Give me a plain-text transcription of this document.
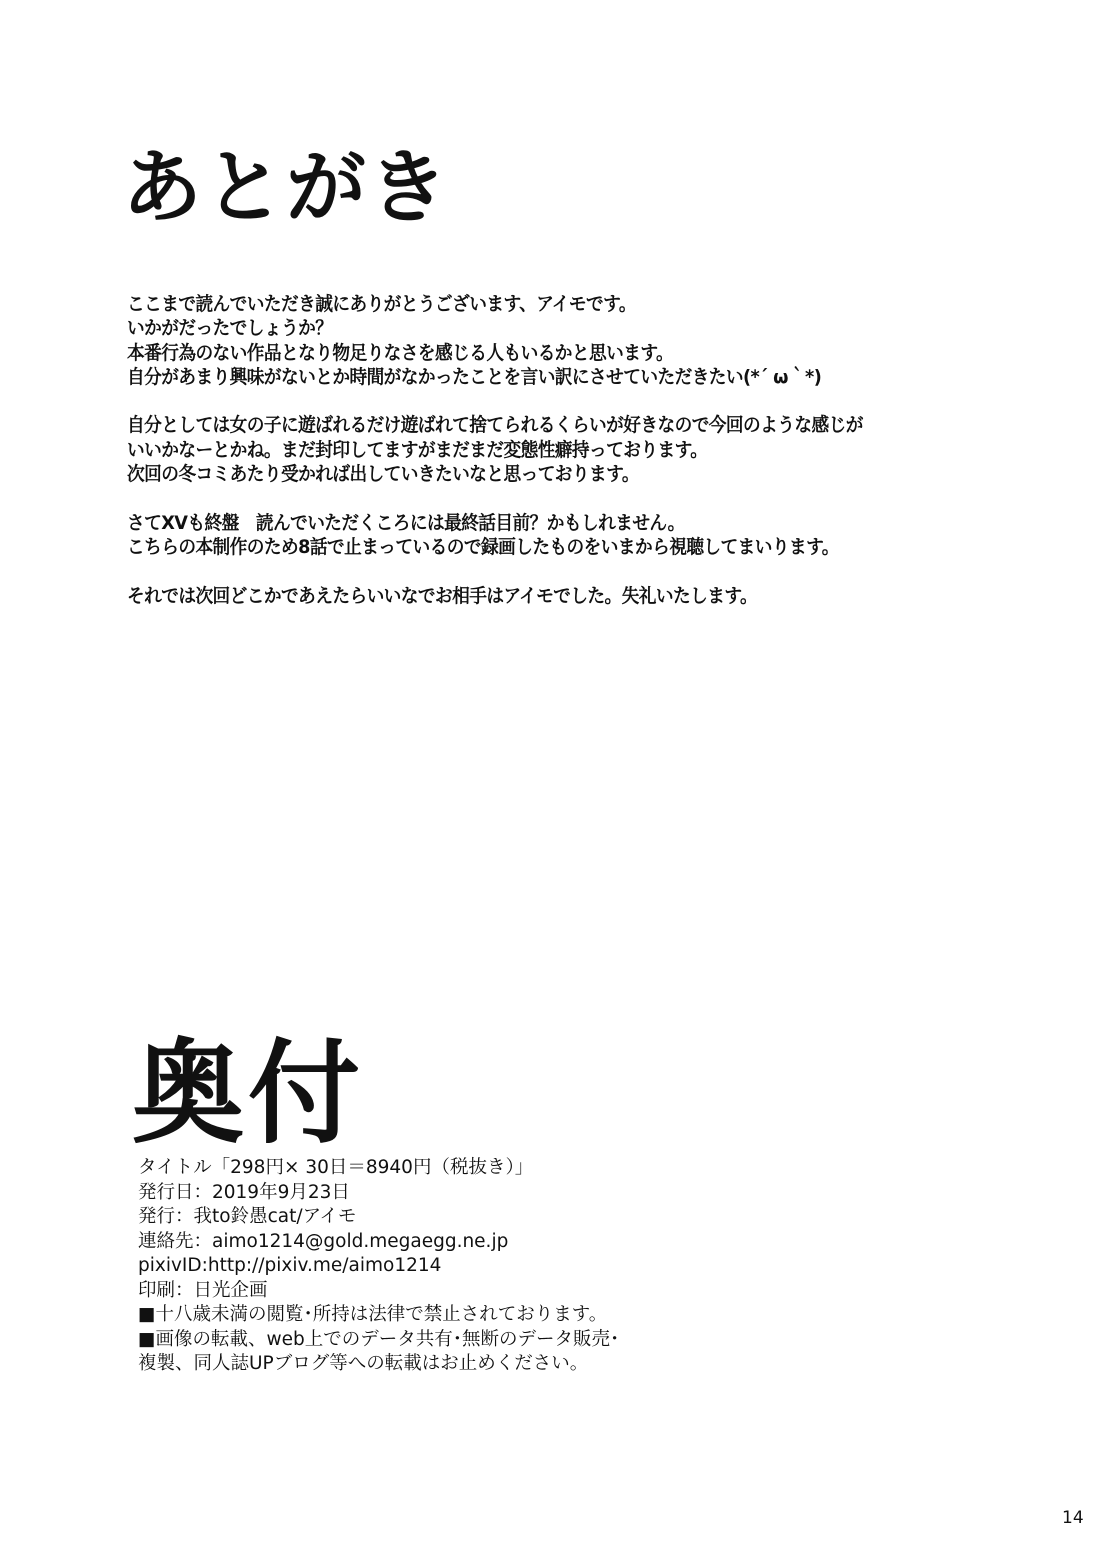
あとがき

ここまで読んでいただき誠にありがとうございます、アイモです。
いかがだったでしょうか？
本番行為のない作品となり物足りなさを感じる人もいるかと思います。
自分があまり興味がないとか時間がなかったことを言い訳にさせていただきたい(*´ ω｀*)

自分としては女の子に遊ばれるだけ遊ばれて捨てられるくらいが好きなので今回のような感じが
いいかなーとかね。まだ封印してますがまだまだ変態性癖持っております。
次回の冬コミあたり受かれば出していきたいなと思っております。

さてXVも終盤　読んでいただくころには最終話目前？かもしれません。
こちらの本制作のため8話で止まっているので録画したものをいまから視聴してまいります。

それでは次回どこかであえたらいいなでお相手はアイモでした。失礼いたします。

奥付
タイトル「298円× 30日＝8940円（税抜き）」
発行日：2019年9月23日
発行：我to鈴愚cat/アイモ
連絡先：aimo1214@gold.megaegg.ne.jp
pixivID:http://pixiv.me/aimo1214
印刷：日光企画
■十八歳未満の閲覧･所持は法律で禁止されております。
■画像の転載、web上でのデータ共有･無断のデータ販売･
複製、同人誌UPブログ等への転載はお止めください。
14
